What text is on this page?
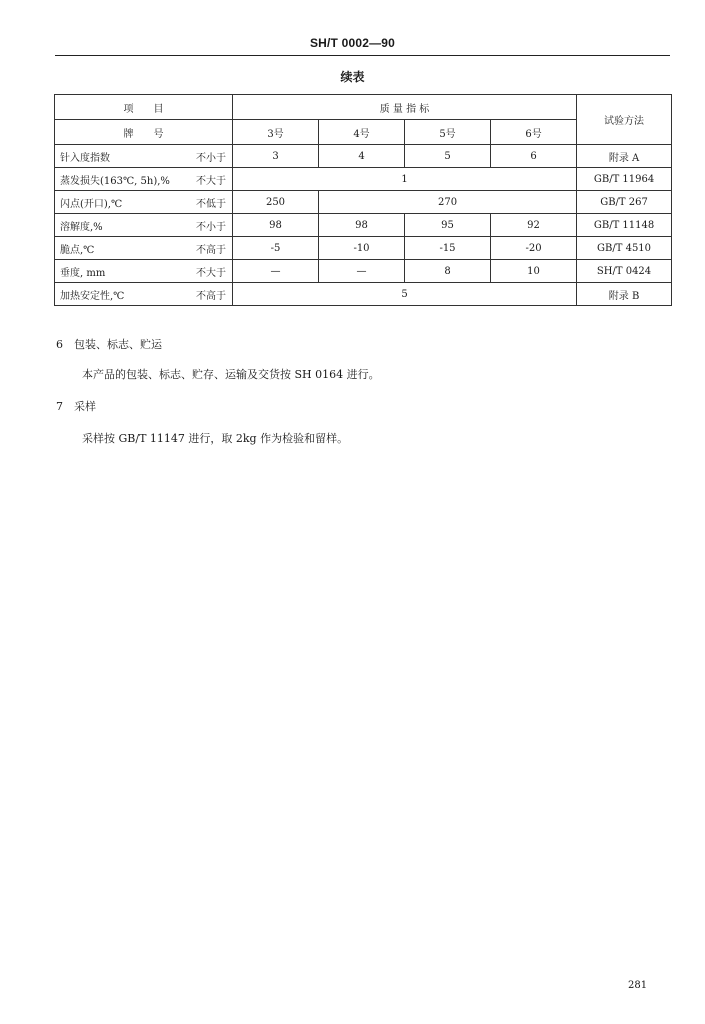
SH/T 0002—90
续表
项　　目	质 量 指 标				试验方法
牌　　号	3号	4号	5号	6号	
针入度指数 不小于	3	4	5	6	附录 A
蒸发损失(163℃, 5h),% 不大于	1				GB/T 11964
闪点(开口),℃ 不低于	250	270			GB/T 267
溶解度,% 不小于	98	98	95	92	GB/T 11148
脆点,℃ 不高于	-5	-10	-15	-20	GB/T 4510
垂度, mm 不大于	—	—	8	10	SH/T 0424
加热安定性,℃ 不高于	5				附录 B
6　包装、标志、贮运
本产品的包装、标志、贮存、运输及交货按 SH 0164 进行。
7　采样
采样按 GB/T 11147 进行，取 2kg 作为检验和留样。
281
